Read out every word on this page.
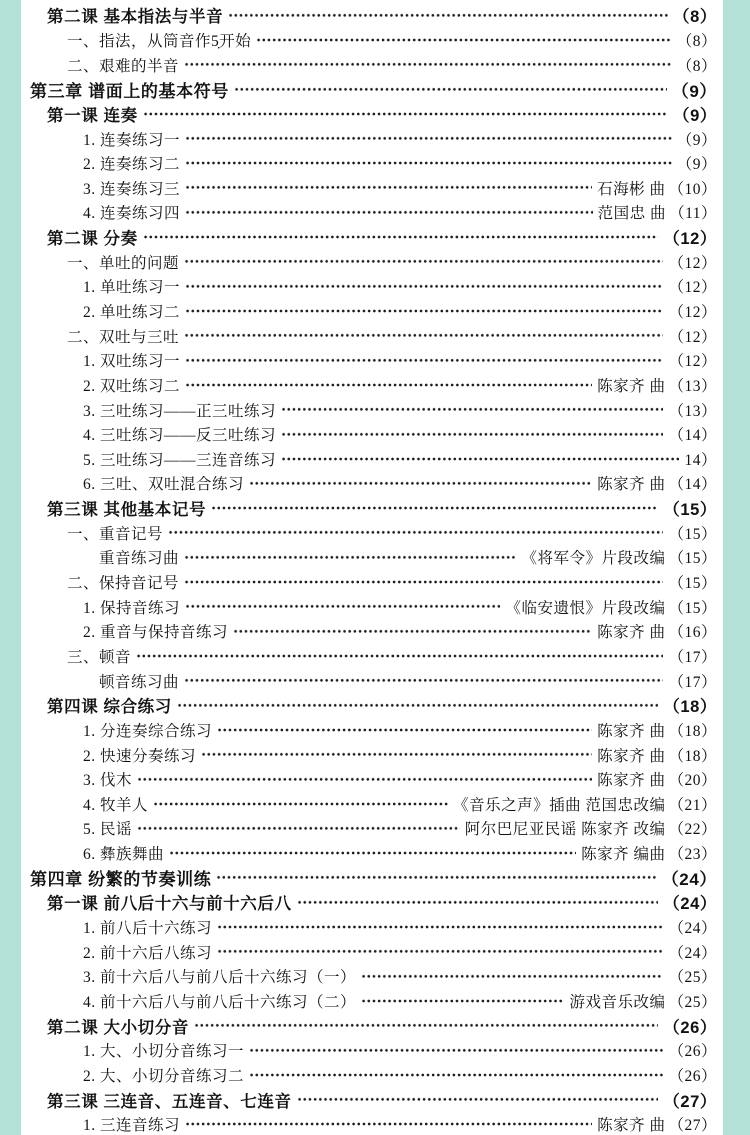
第二课 基本指法与半音	（8）
一、指法，从筒音作5̣开始	（8）
二、艰难的半音	（8）
第三章 谱面上的基本符号	（9）
第一课 连奏	（9）
1. 连奏练习一	（9）
2. 连奏练习二	（9）
3. 连奏练习三	石海彬 曲 （10）
4. 连奏练习四	范国忠 曲 （11）
第二课 分奏	（12）
一、单吐的问题	（12）
1. 单吐练习一	（12）
2. 单吐练习二	（12）
二、双吐与三吐	（12）
1. 双吐练习一	（12）
2. 双吐练习二	陈家齐 曲 （13）
3. 三吐练习——正三吐练习	（13）
4. 三吐练习——反三吐练习	（14）
5. 三吐练习——三连音练习	14）
6. 三吐、双吐混合练习	陈家齐 曲 （14）
第三课 其他基本记号	（15）
一、重音记号	（15）
重音练习曲	《将军令》片段改编 （15）
二、保持音记号	（15）
1. 保持音练习	《临安遗恨》片段改编 （15）
2. 重音与保持音练习	陈家齐 曲 （16）
三、顿音	（17）
顿音练习曲	（17）
第四课 综合练习	（18）
1. 分连奏综合练习	陈家齐 曲 （18）
2. 快速分奏练习	陈家齐 曲 （18）
3. 伐木	陈家齐 曲 （20）
4. 牧羊人	《音乐之声》插曲 范国忠改编 （21）
5. 民谣	阿尔巴尼亚民谣 陈家齐 改编 （22）
6. 彝族舞曲	陈家齐 编曲 （23）
第四章 纷繁的节奏训练	（24）
第一课 前八后十六与前十六后八	（24）
1. 前八后十六练习	（24）
2. 前十六后八练习	（24）
3. 前十六后八与前八后十六练习（一）	（25）
4. 前十六后八与前八后十六练习（二）	游戏音乐改编 （25）
第二课 大小切分音	（26）
1. 大、小切分音练习一	（26）
2. 大、小切分音练习二	（26）
第三课 三连音、五连音、七连音	（27）
1. 三连音练习	陈家齐 曲 （27）
